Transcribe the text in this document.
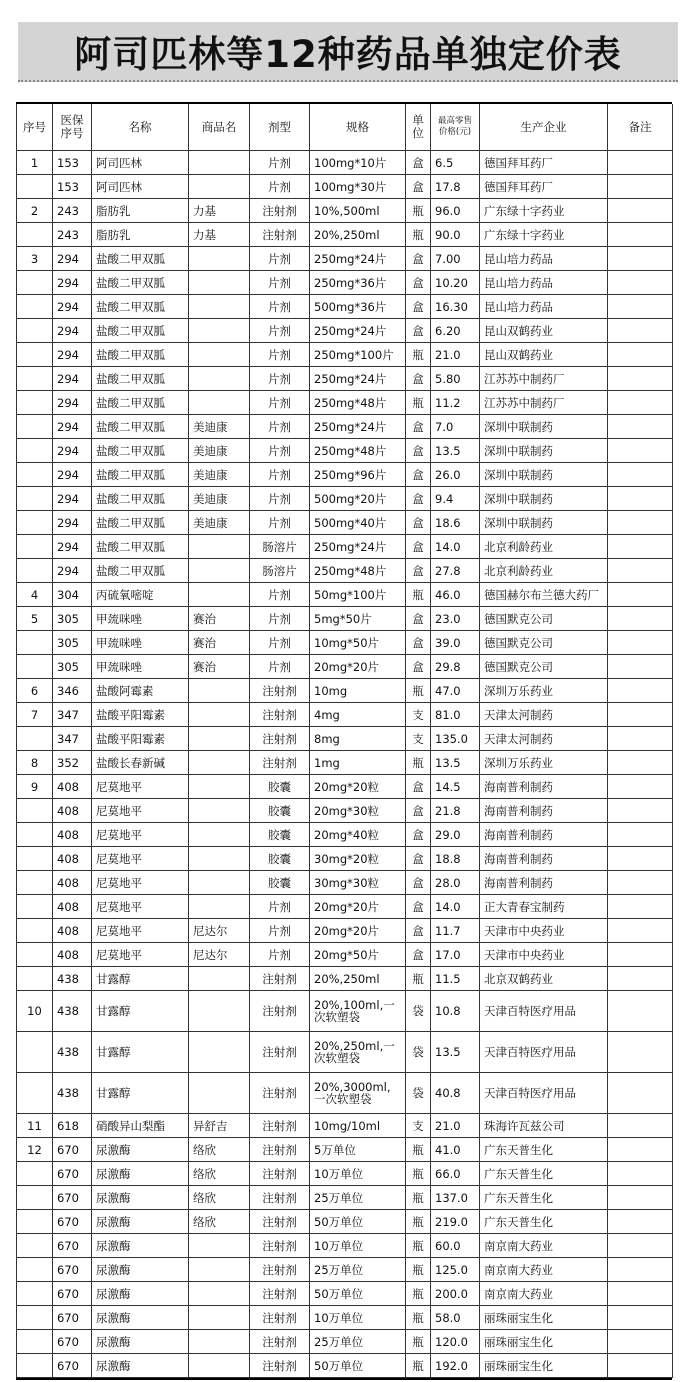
阿司匹林等12种药品单独定价表
序号	医保序号	名称	商品名	剂型	规格	单位	最高零售价格(元)	生产企业	备注
1	153	阿司匹林		片剂	100mg*10片	盒	6.5	德国拜耳药厂	
	153	阿司匹林		片剂	100mg*30片	盒	17.8	德国拜耳药厂	
2	243	脂肪乳	力基	注射剂	10%,500ml	瓶	96.0	广东绿十字药业	
	243	脂肪乳	力基	注射剂	20%,250ml	瓶	90.0	广东绿十字药业	
3	294	盐酸二甲双胍		片剂	250mg*24片	盒	7.00	昆山培力药品	
	294	盐酸二甲双胍		片剂	250mg*36片	盒	10.20	昆山培力药品	
	294	盐酸二甲双胍		片剂	500mg*36片	盒	16.30	昆山培力药品	
	294	盐酸二甲双胍		片剂	250mg*24片	盒	6.20	昆山双鹤药业	
	294	盐酸二甲双胍		片剂	250mg*100片	瓶	21.0	昆山双鹤药业	
	294	盐酸二甲双胍		片剂	250mg*24片	盒	5.80	江苏苏中制药厂	
	294	盐酸二甲双胍		片剂	250mg*48片	瓶	11.2	江苏苏中制药厂	
	294	盐酸二甲双胍	美迪康	片剂	250mg*24片	盒	7.0	深圳中联制药	
	294	盐酸二甲双胍	美迪康	片剂	250mg*48片	盒	13.5	深圳中联制药	
	294	盐酸二甲双胍	美迪康	片剂	250mg*96片	盒	26.0	深圳中联制药	
	294	盐酸二甲双胍	美迪康	片剂	500mg*20片	盒	9.4	深圳中联制药	
	294	盐酸二甲双胍	美迪康	片剂	500mg*40片	盒	18.6	深圳中联制药	
	294	盐酸二甲双胍		肠溶片	250mg*24片	盒	14.0	北京利龄药业	
	294	盐酸二甲双胍		肠溶片	250mg*48片	盒	27.8	北京利龄药业	
4	304	丙硫氧嘧啶		片剂	50mg*100片	瓶	46.0	德国赫尔布兰德大药厂	
5	305	甲巯咪唑	赛治	片剂	5mg*50片	盒	23.0	德国默克公司	
	305	甲巯咪唑	赛治	片剂	10mg*50片	盒	39.0	德国默克公司	
	305	甲巯咪唑	赛治	片剂	20mg*20片	盒	29.8	德国默克公司	
6	346	盐酸阿霉素		注射剂	10mg	瓶	47.0	深圳万乐药业	
7	347	盐酸平阳霉素		注射剂	4mg	支	81.0	天津太河制药	
	347	盐酸平阳霉素		注射剂	8mg	支	135.0	天津太河制药	
8	352	盐酸长春新碱		注射剂	1mg	瓶	13.5	深圳万乐药业	
9	408	尼莫地平		胶囊	20mg*20粒	盒	14.5	海南普利制药	
	408	尼莫地平		胶囊	20mg*30粒	盒	21.8	海南普利制药	
	408	尼莫地平		胶囊	20mg*40粒	盒	29.0	海南普利制药	
	408	尼莫地平		胶囊	30mg*20粒	盒	18.8	海南普利制药	
	408	尼莫地平		胶囊	30mg*30粒	盒	28.0	海南普利制药	
	408	尼莫地平		片剂	20mg*20片	盒	14.0	正大青春宝制药	
	408	尼莫地平	尼达尔	片剂	20mg*20片	盒	11.7	天津市中央药业	
	408	尼莫地平	尼达尔	片剂	20mg*50片	盒	17.0	天津市中央药业	
	438	甘露醇		注射剂	20%,250ml	瓶	11.5	北京双鹤药业	
10	438	甘露醇		注射剂	20%,100ml,一次软塑袋	袋	10.8	天津百特医疗用品	
	438	甘露醇		注射剂	20%,250ml,一次软塑袋	袋	13.5	天津百特医疗用品	
	438	甘露醇		注射剂	20%,3000ml,一次软塑袋	袋	40.8	天津百特医疗用品	
11	618	硝酸异山梨酯	异舒吉	注射剂	10mg/10ml	支	21.0	珠海许瓦兹公司	
12	670	尿激酶	络欣	注射剂	5万单位	瓶	41.0	广东天普生化	
	670	尿激酶	络欣	注射剂	10万单位	瓶	66.0	广东天普生化	
	670	尿激酶	络欣	注射剂	25万单位	瓶	137.0	广东天普生化	
	670	尿激酶	络欣	注射剂	50万单位	瓶	219.0	广东天普生化	
	670	尿激酶		注射剂	10万单位	瓶	60.0	南京南大药业	
	670	尿激酶		注射剂	25万单位	瓶	125.0	南京南大药业	
	670	尿激酶		注射剂	50万单位	瓶	200.0	南京南大药业	
	670	尿激酶		注射剂	10万单位	瓶	58.0	丽珠丽宝生化	
	670	尿激酶		注射剂	25万单位	瓶	120.0	丽珠丽宝生化	
	670	尿激酶		注射剂	50万单位	瓶	192.0	丽珠丽宝生化	
